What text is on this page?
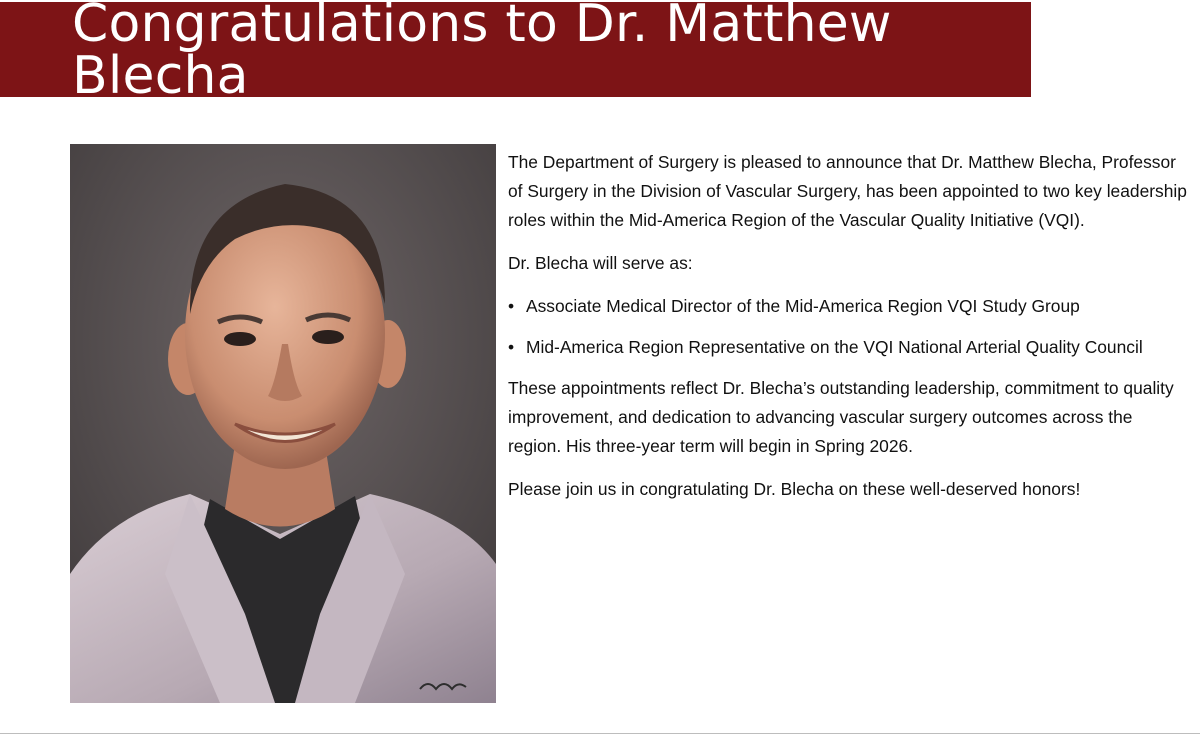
Congratulations to Dr. Matthew Blecha

The Department of Surgery is pleased to announce that Dr. Matthew Blecha, Professor of Surgery in the Division of Vascular Surgery, has been appointed to two key leadership roles within the Mid-America Region of the Vascular Quality Initiative (VQI).

Dr. Blecha will serve as:

• Associate Medical Director of the Mid-America Region VQI Study Group
• Mid-America Region Representative on the VQI National Arterial Quality Council

These appointments reflect Dr. Blecha’s outstanding leadership, commitment to quality improvement, and dedication to advancing vascular surgery outcomes across the region. His three-year term will begin in Spring 2026.

Please join us in congratulating Dr. Blecha on these well-deserved honors!
